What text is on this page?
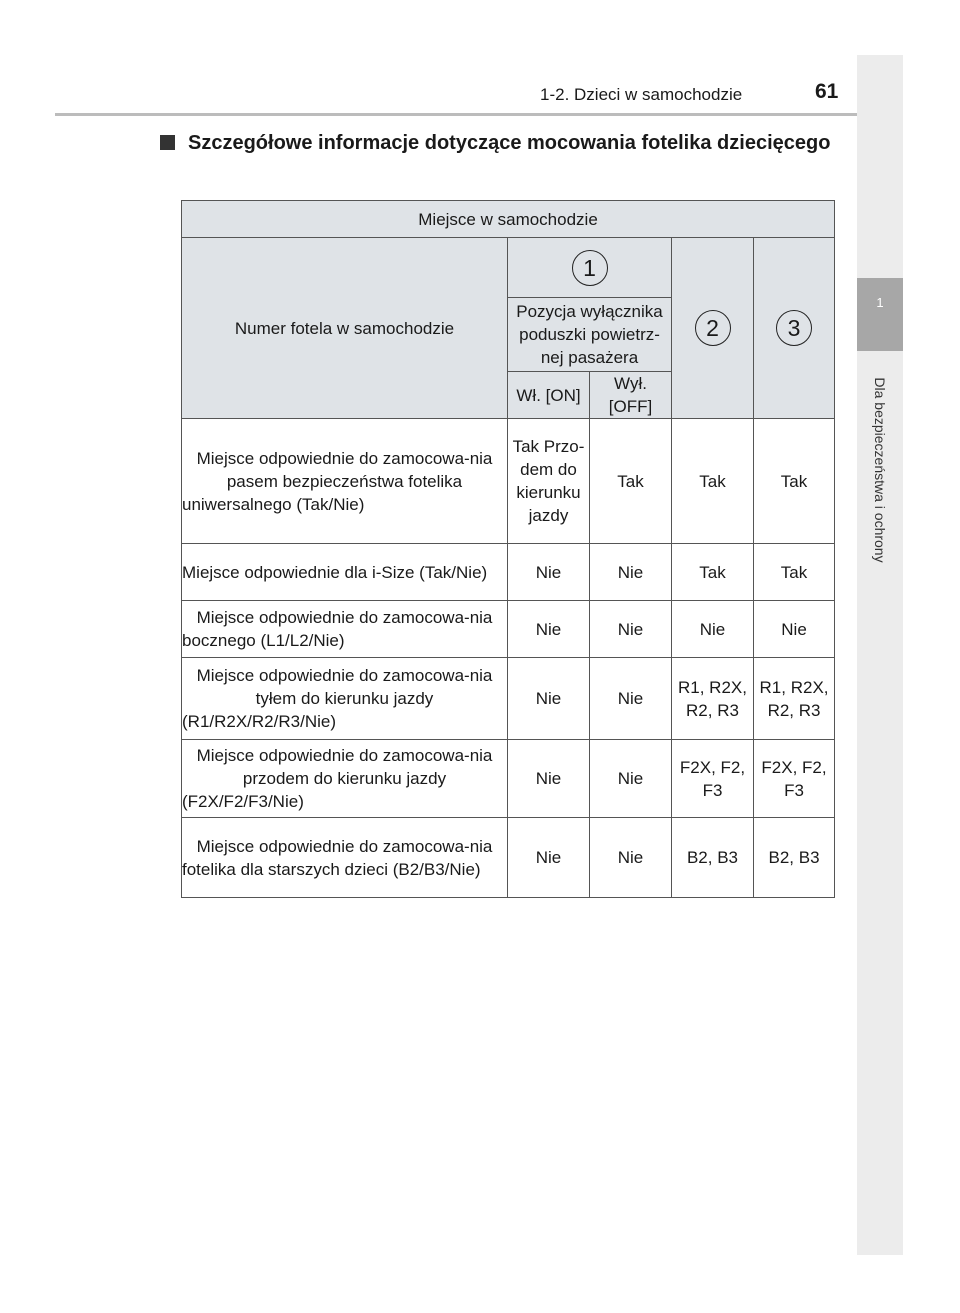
1-2. Dzieci w samochodzie	61
1
Dla bezpieczeństwa i ochrony
Szczegółowe informacje dotyczące mocowania fotelika dziecięcego
Miejsce w samochodzie				
Numer fotela w samochodzie	1		2	3
	Pozycja wyłącznika poduszki powietrz-nej pasażera			
	Wł. [ON]	Wył. [OFF]		
Miejsce odpowiednie do zamocowa-nia pasem bezpieczeństwa fotelika uniwersalnego (Tak/Nie)	Tak Przo-dem do kierunku jazdy	Tak	Tak	Tak
Miejsce odpowiednie dla i-Size (Tak/Nie)	Nie	Nie	Tak	Tak
Miejsce odpowiednie do zamocowa-nia bocznego (L1/L2/Nie)	Nie	Nie	Nie	Nie
Miejsce odpowiednie do zamocowa-nia tyłem do kierunku jazdy (R1/R2X/R2/R3/Nie)	Nie	Nie	R1, R2X, R2, R3	R1, R2X, R2, R3
Miejsce odpowiednie do zamocowa-nia przodem do kierunku jazdy (F2X/F2/F3/Nie)	Nie	Nie	F2X, F2, F3	F2X, F2, F3
Miejsce odpowiednie do zamocowa-nia fotelika dla starszych dzieci (B2/B3/Nie)	Nie	Nie	B2, B3	B2, B3
